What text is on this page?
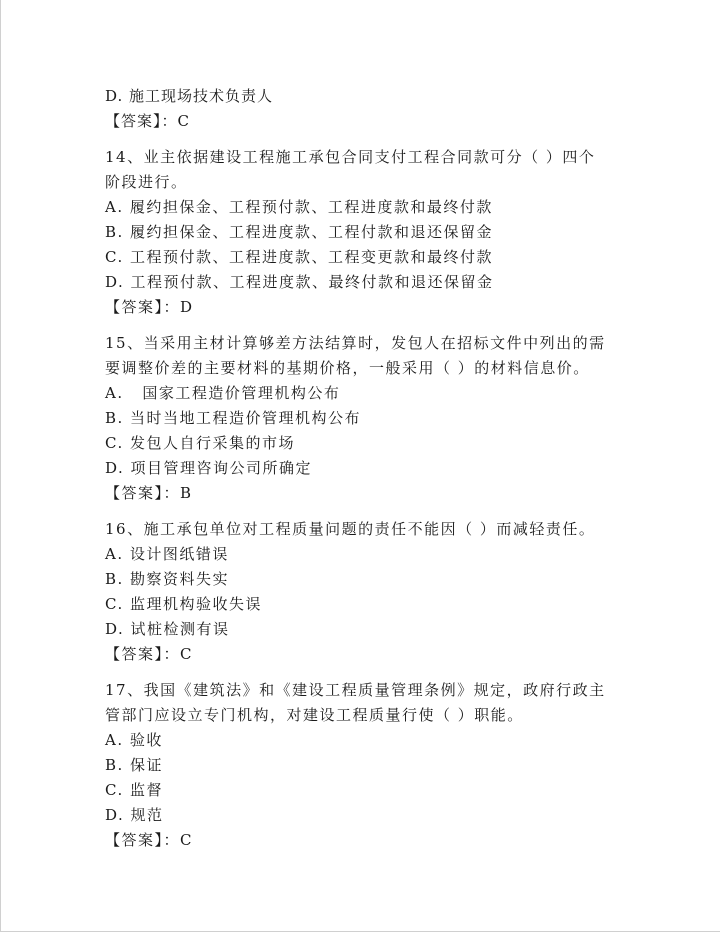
D. 施工现场技术负责人
【答案】：C
14、业主依据建设工程施工承包合同支付工程合同款可分（ ）四个
阶段进行。
A. 履约担保金、工程预付款、工程进度款和最终付款
B. 履约担保金、工程进度款、工程付款和退还保留金
C. 工程预付款、工程进度款、工程变更款和最终付款
D. 工程预付款、工程进度款、最终付款和退还保留金
【答案】：D
15、当采用主材计算够差方法结算时，发包人在招标文件中列出的需
要调整价差的主要材料的基期价格，一般采用（ ）的材料信息价。
A.   国家工程造价管理机构公布
B. 当时当地工程造价管理机构公布
C. 发包人自行采集的市场
D. 项目管理咨询公司所确定
【答案】：B
16、施工承包单位对工程质量问题的责任不能因（ ）而减轻责任。
A. 设计图纸错误
B. 勘察资料失实
C. 监理机构验收失误
D. 试桩检测有误
【答案】：C
17、我国《建筑法》和《建设工程质量管理条例》规定，政府行政主
管部门应设立专门机构，对建设工程质量行使（ ）职能。
A. 验收
B. 保证
C. 监督
D. 规范
【答案】：C
